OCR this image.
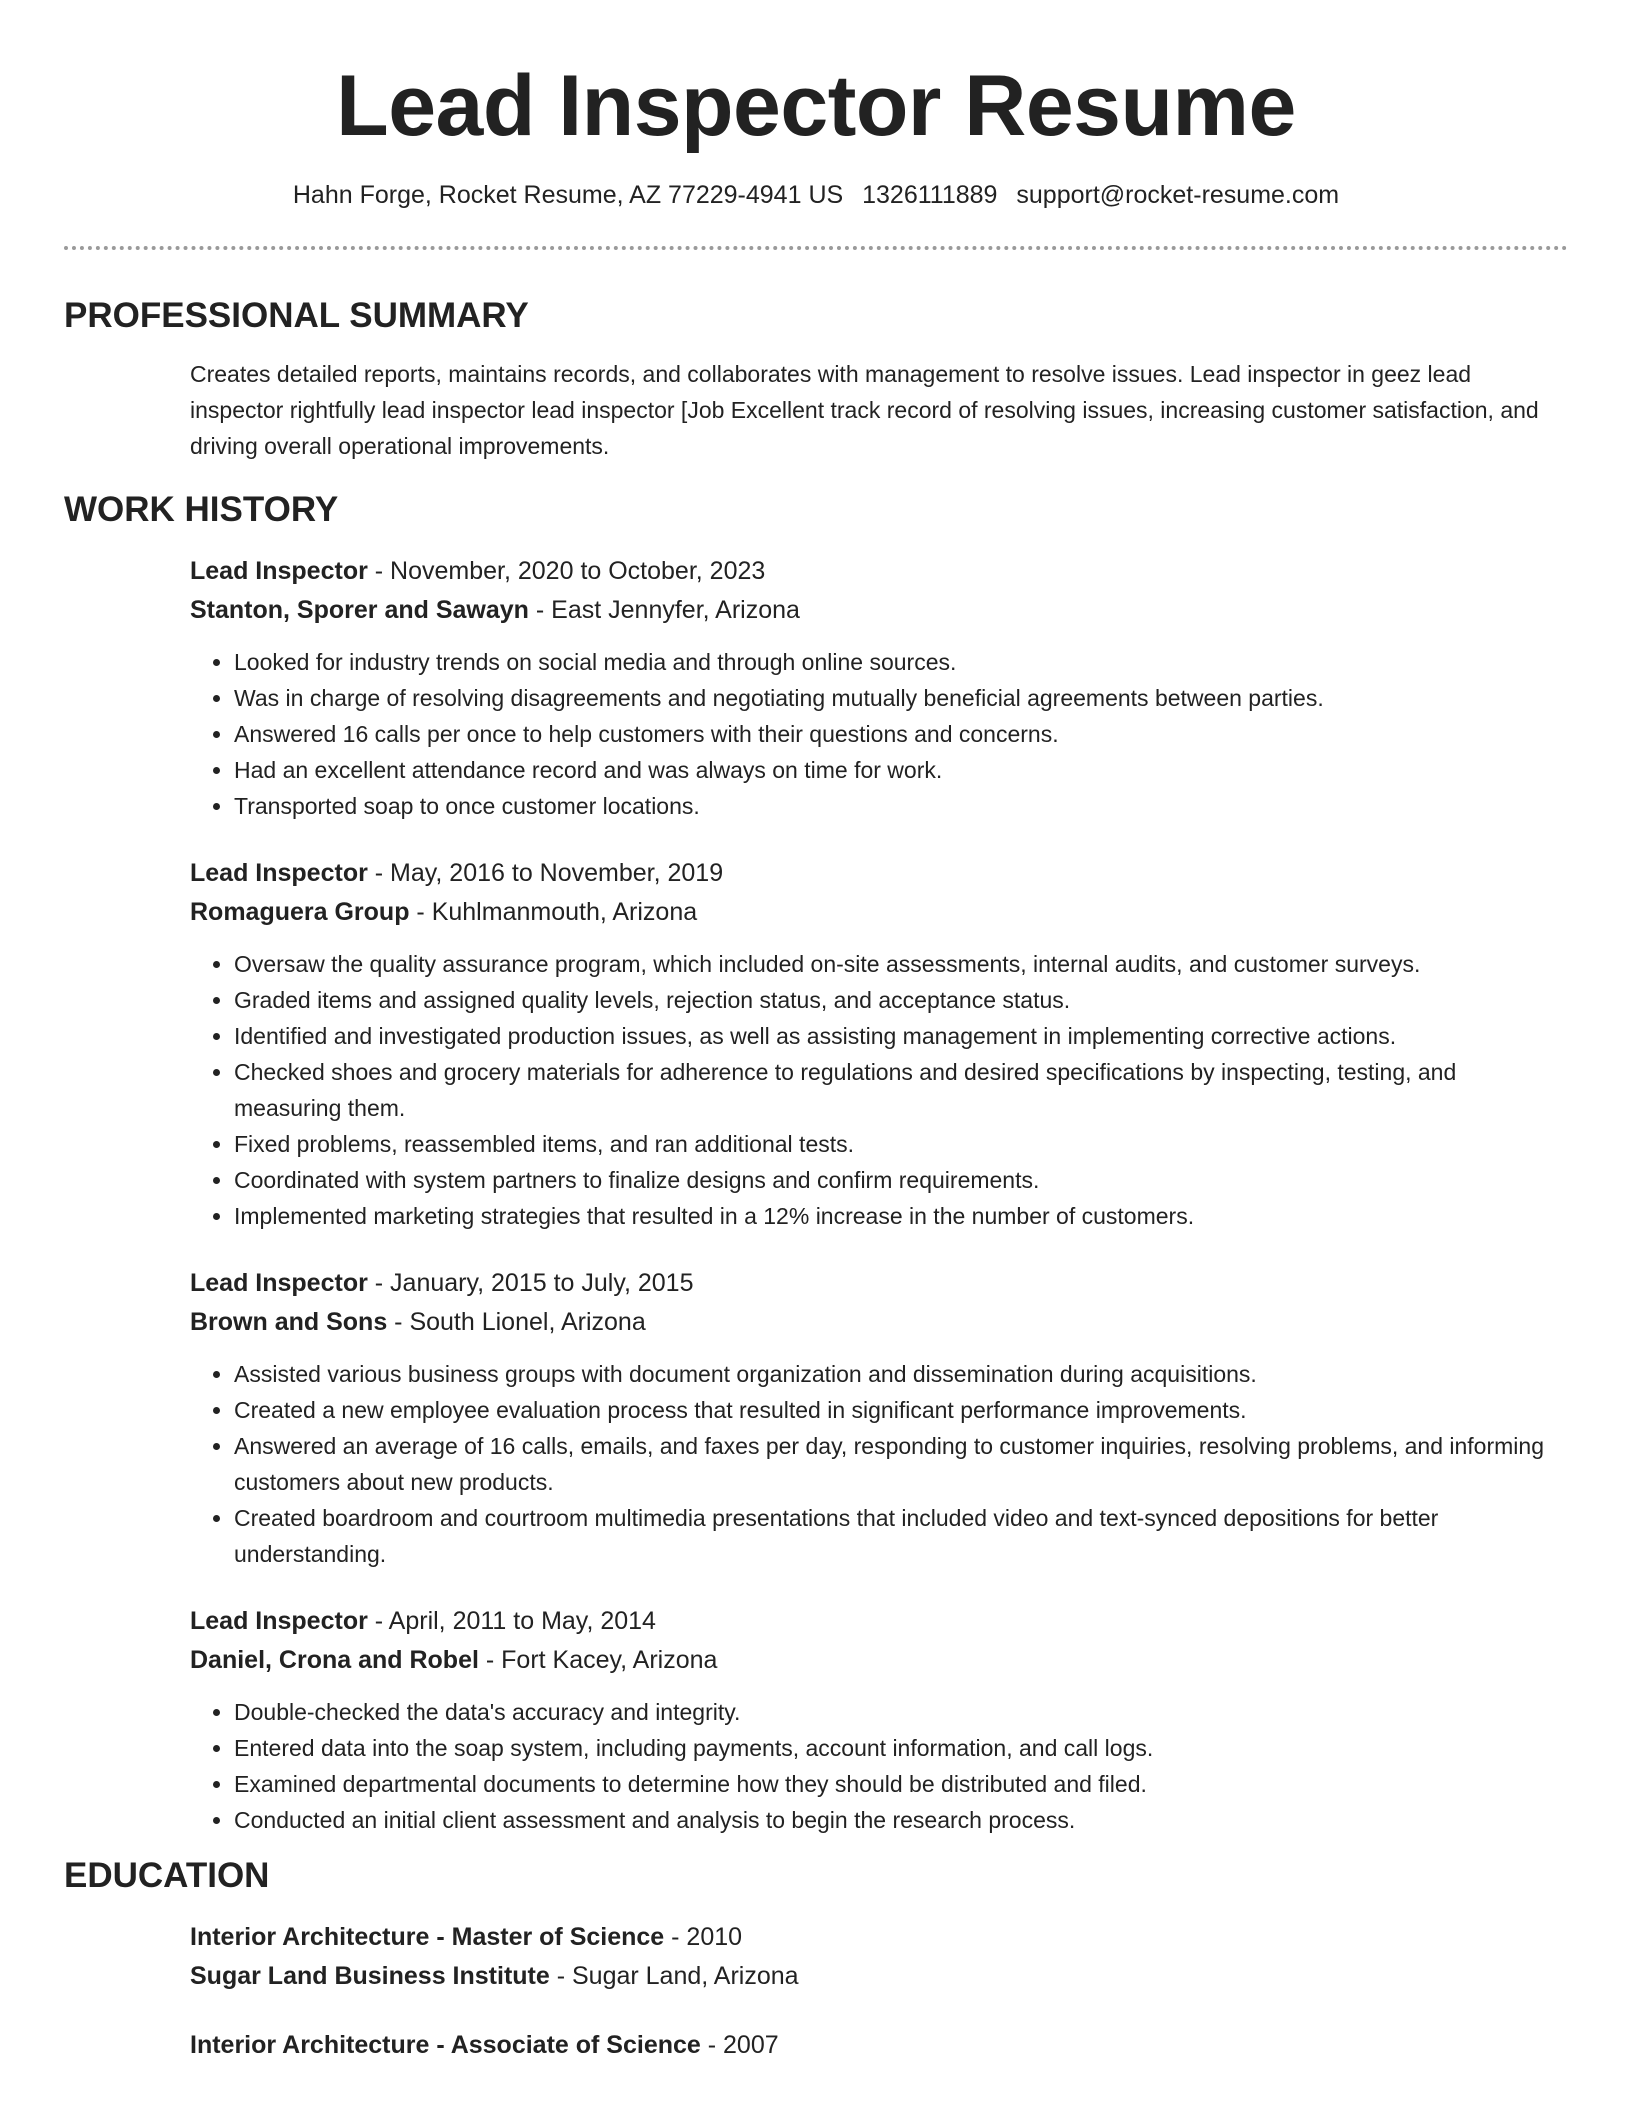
Lead Inspector Resume
Hahn Forge, Rocket Resume, AZ 77229-4941 US 1326111889 support@rocket-resume.com
PROFESSIONAL SUMMARY
Creates detailed reports, maintains records, and collaborates with management to resolve issues. Lead inspector in geez lead inspector rightfully lead inspector lead inspector [Job Excellent track record of resolving issues, increasing customer satisfaction, and driving overall operational improvements.
WORK HISTORY
Lead Inspector - November, 2020 to October, 2023
Stanton, Sporer and Sawayn - East Jennyfer, Arizona
• Looked for industry trends on social media and through online sources.
• Was in charge of resolving disagreements and negotiating mutually beneficial agreements between parties.
• Answered 16 calls per once to help customers with their questions and concerns.
• Had an excellent attendance record and was always on time for work.
• Transported soap to once customer locations.
Lead Inspector - May, 2016 to November, 2019
Romaguera Group - Kuhlmanmouth, Arizona
• Oversaw the quality assurance program, which included on-site assessments, internal audits, and customer surveys.
• Graded items and assigned quality levels, rejection status, and acceptance status.
• Identified and investigated production issues, as well as assisting management in implementing corrective actions.
• Checked shoes and grocery materials for adherence to regulations and desired specifications by inspecting, testing, and measuring them.
• Fixed problems, reassembled items, and ran additional tests.
• Coordinated with system partners to finalize designs and confirm requirements.
• Implemented marketing strategies that resulted in a 12% increase in the number of customers.
Lead Inspector - January, 2015 to July, 2015
Brown and Sons - South Lionel, Arizona
• Assisted various business groups with document organization and dissemination during acquisitions.
• Created a new employee evaluation process that resulted in significant performance improvements.
• Answered an average of 16 calls, emails, and faxes per day, responding to customer inquiries, resolving problems, and informing customers about new products.
• Created boardroom and courtroom multimedia presentations that included video and text-synced depositions for better understanding.
Lead Inspector - April, 2011 to May, 2014
Daniel, Crona and Robel - Fort Kacey, Arizona
• Double-checked the data's accuracy and integrity.
• Entered data into the soap system, including payments, account information, and call logs.
• Examined departmental documents to determine how they should be distributed and filed.
• Conducted an initial client assessment and analysis to begin the research process.
EDUCATION
Interior Architecture - Master of Science - 2010
Sugar Land Business Institute - Sugar Land, Arizona
Interior Architecture - Associate of Science - 2007
